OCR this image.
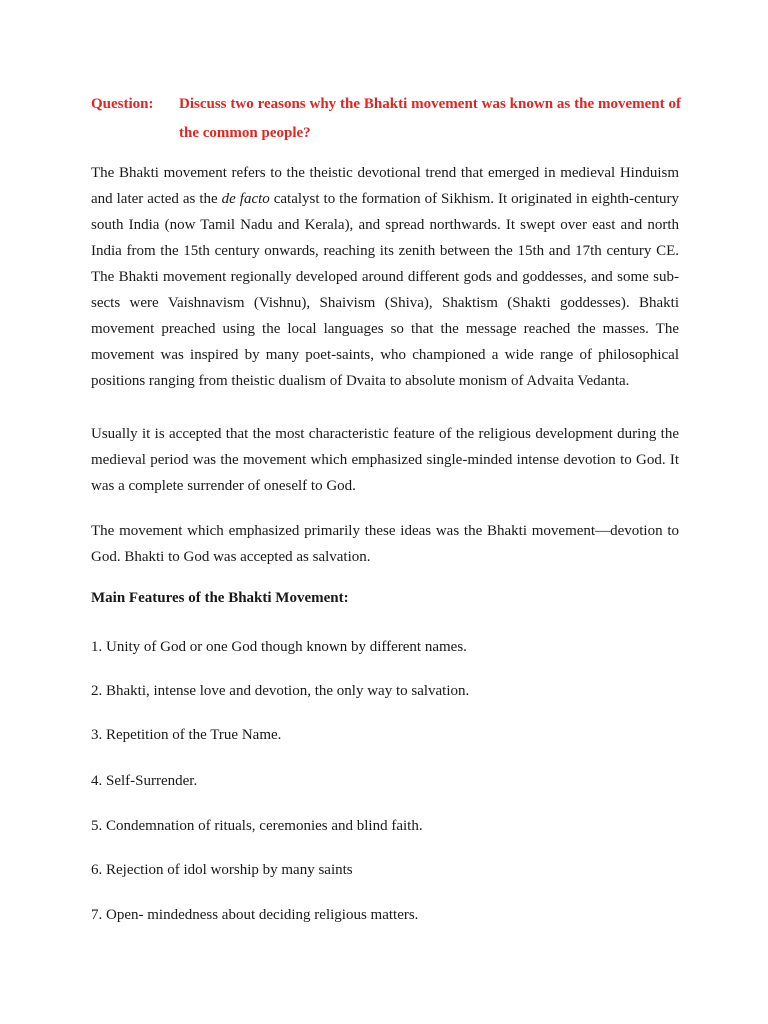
Question: Discuss two reasons why the Bhakti movement was known as the movement of the common people?

The Bhakti movement refers to the theistic devotional trend that emerged in medieval Hinduism and later acted as the de facto catalyst to the formation of Sikhism. It originated in eighth-century south India (now Tamil Nadu and Kerala), and spread northwards. It swept over east and north India from the 15th century onwards, reaching its zenith between the 15th and 17th century CE. The Bhakti movement regionally developed around different gods and goddesses, and some sub-sects were Vaishnavism (Vishnu), Shaivism (Shiva), Shaktism (Shakti goddesses). Bhakti movement preached using the local languages so that the message reached the masses. The movement was inspired by many poet-saints, who championed a wide range of philosophical positions ranging from theistic dualism of Dvaita to absolute monism of Advaita Vedanta.

Usually it is accepted that the most characteristic feature of the religious development during the medieval period was the movement which emphasized single-minded intense devotion to God. It was a complete surrender of oneself to God.

The movement which emphasized primarily these ideas was the Bhakti movement—devotion to God. Bhakti to God was accepted as salvation.

Main Features of the Bhakti Movement:

1. Unity of God or one God though known by different names.

2. Bhakti, intense love and devotion, the only way to salvation.

3. Repetition of the True Name.

4. Self-Surrender.

5. Condemnation of rituals, ceremonies and blind faith.

6. Rejection of idol worship by many saints

7. Open- mindedness about deciding religious matters.
